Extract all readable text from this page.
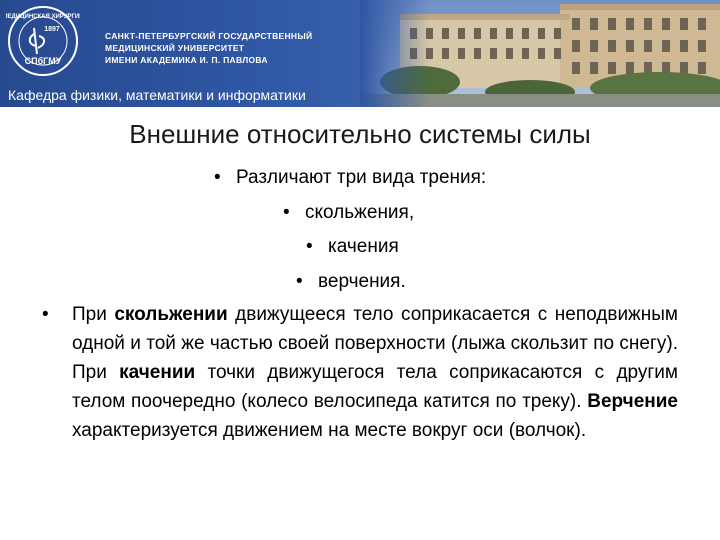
МЕДИЦИНСКАЯ ХИРУРГИЯ
1897
СПбГМУ
САНКТ-ПЕТЕРБУРГСКИЙ ГОСУДАРСТВЕННЫЙ
МЕДИЦИНСКИЙ УНИВЕРСИТЕТ
ИМЕНИ АКАДЕМИКА И. П. ПАВЛОВА
Кафедра физики, математики и информатики
Внешние относительно системы силы
• Различают три вида трения:
• скольжения,
• качения
• верчения.
• При скольжении движущееся тело соприкасается с неподвижным одной и той же частью своей поверхности (лыжа скользит по снегу). При качении точки движущегося тела соприкасаются с другим телом поочередно (колесо велосипеда катится по треку). Верчение характеризуется движением на месте вокруг оси (волчок).
